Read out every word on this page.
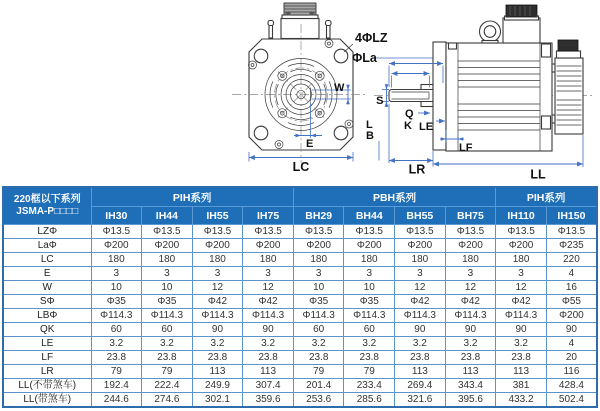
W
E
LC
4ΦLZ
ΦLa
S
Q
K LE
L
B
LF
LR	LL
220框以下系列
JSMA-P□□□□	PIH系列				PBH系列				PIH系列	
	IH30	IH44	IH55	IH75	BH29	BH44	BH55	BH75	IH110	IH150
LZΦ	Φ13.5	Φ13.5	Φ13.5	Φ13.5	Φ13.5	Φ13.5	Φ13.5	Φ13.5	Φ13.5	Φ13.5
LaΦ	Φ200	Φ200	Φ200	Φ200	Φ200	Φ200	Φ200	Φ200	Φ200	Φ235
LC	180	180	180	180	180	180	180	180	180	220
E	3	3	3	3	3	3	3	3	3	4
W	10	10	12	12	10	10	12	12	12	16
SΦ	Φ35	Φ35	Φ42	Φ42	Φ35	Φ35	Φ42	Φ42	Φ42	Φ55
LBΦ	Φ114.3	Φ114.3	Φ114.3	Φ114.3	Φ114.3	Φ114.3	Φ114.3	Φ114.3	Φ114.3	Φ200
QK	60	60	90	90	60	60	90	90	90	90
LE	3.2	3.2	3.2	3.2	3.2	3.2	3.2	3.2	3.2	4
LF	23.8	23.8	23.8	23.8	23.8	23.8	23.8	23.8	23.8	20
LR	79	79	113	113	79	79	113	113	113	116
LL(不带煞车)	192.4	222.4	249.9	307.4	201.4	233.4	269.4	343.4	381	428.4
LL(带煞车)	244.6	274.6	302.1	359.6	253.6	285.6	321.6	395.6	433.2	502.4
